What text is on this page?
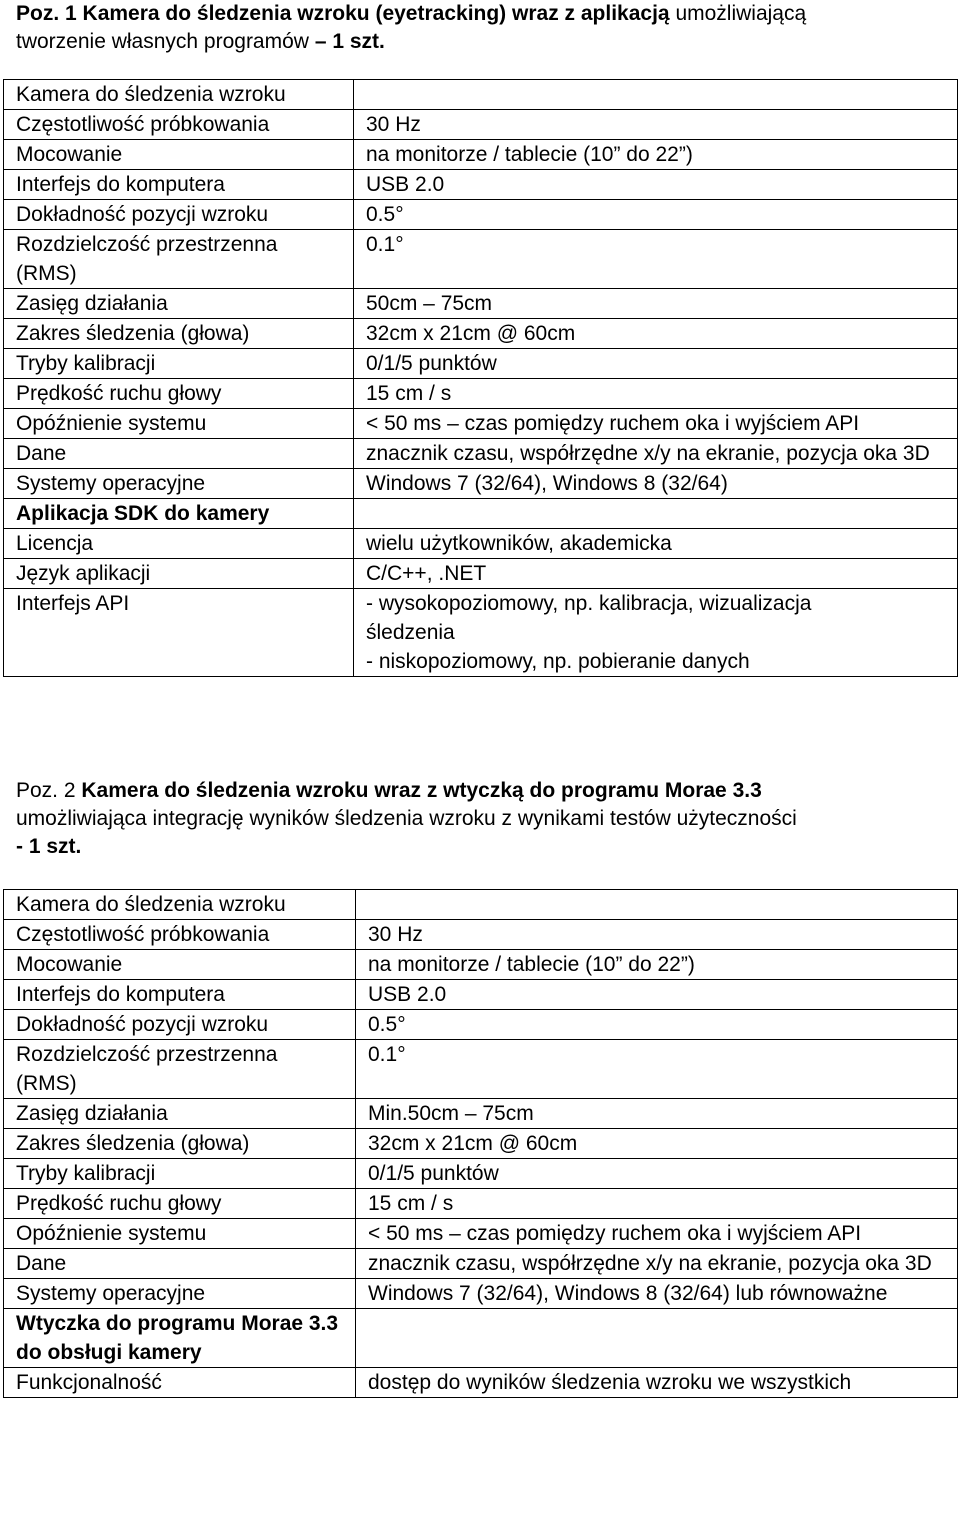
Poz. 1 Kamera do śledzenia wzroku (eyetracking) wraz z aplikacją umożliwiającą
tworzenie własnych programów – 1 szt.
Kamera do śledzenia wzroku	
Częstotliwość próbkowania	30 Hz
Mocowanie	na monitorze / tablecie (10” do 22”)
Interfejs do komputera	USB 2.0
Dokładność pozycji wzroku	0.5°
Rozdzielczość przestrzenna (RMS)	0.1°
Zasięg działania	50cm – 75cm
Zakres śledzenia (głowa)	32cm x 21cm @ 60cm
Tryby kalibracji	0/1/5 punktów
Prędkość ruchu głowy	15 cm / s
Opóźnienie systemu	< 50 ms – czas pomiędzy ruchem oka i wyjściem API
Dane	znacznik czasu, współrzędne x/y na ekranie, pozycja oka 3D
Systemy operacyjne	Windows 7 (32/64), Windows 8 (32/64)
Aplikacja SDK do kamery	
Licencja	wielu użytkowników, akademicka
Język aplikacji	C/C++, .NET
Interfejs API	- wysokopoziomowy, np. kalibracja, wizualizacja
śledzenia
- niskopoziomowy, np. pobieranie danych
Poz. 2 Kamera do śledzenia wzroku wraz z wtyczką do programu Morae 3.3
umożliwiająca integrację wyników śledzenia wzroku z wynikami testów użyteczności
- 1 szt.
Kamera do śledzenia wzroku	
Częstotliwość próbkowania	30 Hz
Mocowanie	na monitorze / tablecie (10” do 22”)
Interfejs do komputera	USB 2.0
Dokładność pozycji wzroku	0.5°
Rozdzielczość przestrzenna (RMS)	0.1°
Zasięg działania	Min.50cm – 75cm
Zakres śledzenia (głowa)	32cm x 21cm @ 60cm
Tryby kalibracji	0/1/5 punktów
Prędkość ruchu głowy	15 cm / s
Opóźnienie systemu	< 50 ms – czas pomiędzy ruchem oka i wyjściem API
Dane	znacznik czasu, współrzędne x/y na ekranie, pozycja oka 3D
Systemy operacyjne	Windows 7 (32/64), Windows 8 (32/64) lub równoważne
Wtyczka do programu Morae 3.3 do obsługi kamery	
Funkcjonalność	dostęp do wyników śledzenia wzroku we wszystkich
